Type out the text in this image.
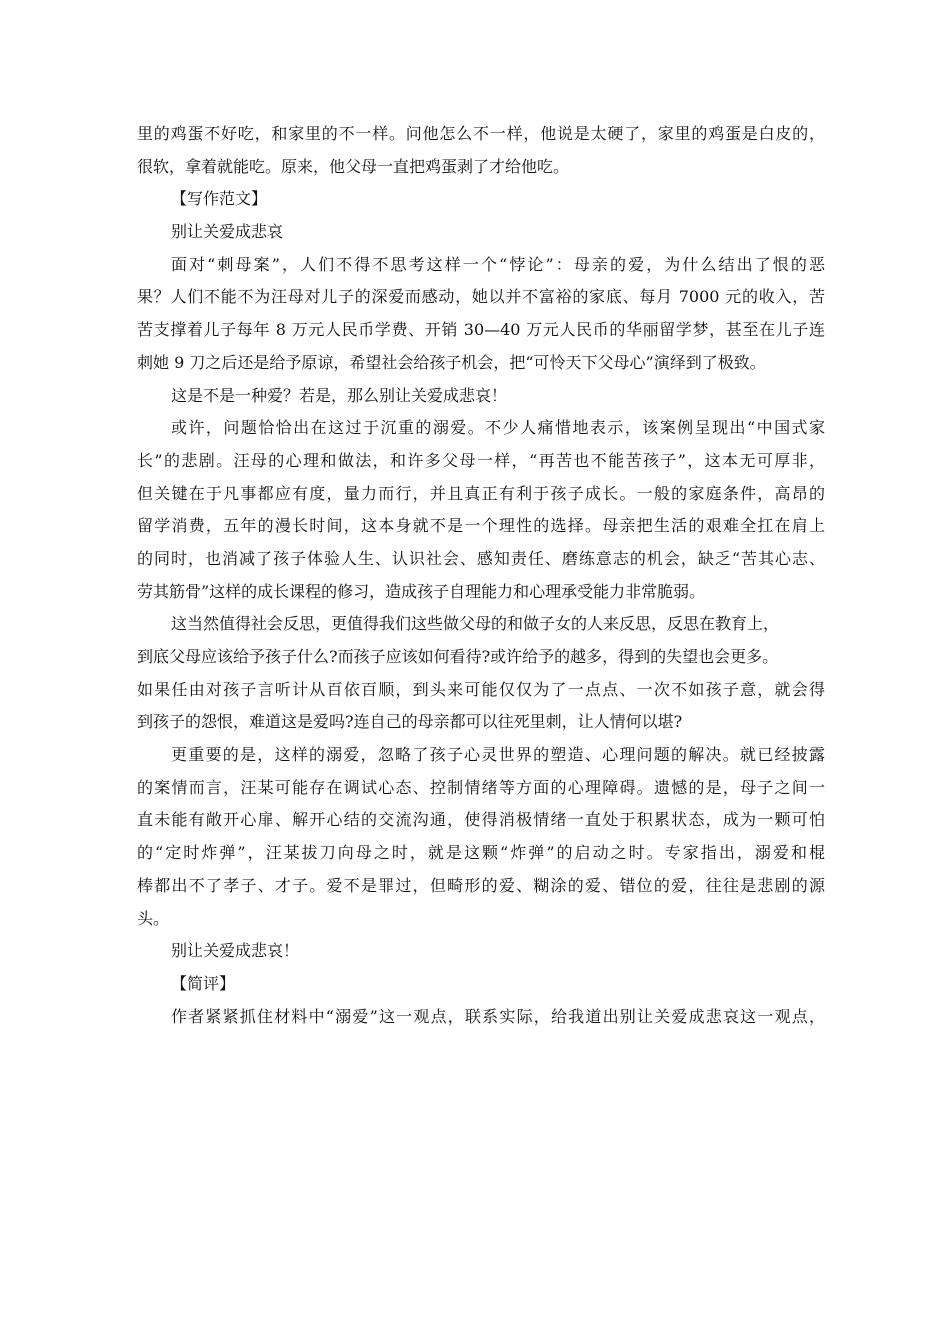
里的鸡蛋不好吃，和家里的不一样。问他怎么不一样，他说是太硬了，家里的鸡蛋是白皮的，
很软，拿着就能吃。原来，他父母一直把鸡蛋剥了才给他吃。
【写作范文】
别让关爱成悲哀
面对“刺母案”，人们不得不思考这样一个“悖论”：母亲的爱，为什么结出了恨的恶
果？人们不能不为汪母对儿子的深爱而感动，她以并不富裕的家底、每月 7000 元的收入，苦
苦支撑着儿子每年 8 万元人民币学费、开销 30—40 万元人民币的华丽留学梦，甚至在儿子连
刺她 9 刀之后还是给予原谅，希望社会给孩子机会，把“可怜天下父母心”演绎到了极致。
这是不是一种爱？若是，那么别让关爱成悲哀！
或许，问题恰恰出在这过于沉重的溺爱。不少人痛惜地表示，该案例呈现出“中国式家
长”的悲剧。汪母的心理和做法，和许多父母一样，“再苦也不能苦孩子”，这本无可厚非，
但关键在于凡事都应有度，量力而行，并且真正有利于孩子成长。一般的家庭条件，高昂的
留学消费，五年的漫长时间，这本身就不是一个理性的选择。母亲把生活的艰难全扛在肩上
的同时，也消减了孩子体验人生、认识社会、感知责任、磨练意志的机会，缺乏“苦其心志、
劳其筋骨”这样的成长课程的修习，造成孩子自理能力和心理承受能力非常脆弱。
这当然值得社会反思，更值得我们这些做父母的和做子女的人来反思，反思在教育上，
到底父母应该给予孩子什么?而孩子应该如何看待?或许给予的越多，得到的失望也会更多。
如果任由对孩子言听计从百依百顺，到头来可能仅仅为了一点点、一次不如孩子意，就会得
到孩子的怨恨，难道这是爱吗?连自己的母亲都可以往死里刺，让人情何以堪?
更重要的是，这样的溺爱，忽略了孩子心灵世界的塑造、心理问题的解决。就已经披露
的案情而言，汪某可能存在调试心态、控制情绪等方面的心理障碍。遗憾的是，母子之间一
直未能有敞开心扉、解开心结的交流沟通，使得消极情绪一直处于积累状态，成为一颗可怕
的“定时炸弹”，汪某拔刀向母之时，就是这颗“炸弹”的启动之时。专家指出，溺爱和棍
棒都出不了孝子、才子。爱不是罪过，但畸形的爱、糊涂的爱、错位的爱，往往是悲剧的源
头。
别让关爱成悲哀！
【简评】
作者紧紧抓住材料中“溺爱”这一观点，联系实际，给我道出别让关爱成悲哀这一观点，
